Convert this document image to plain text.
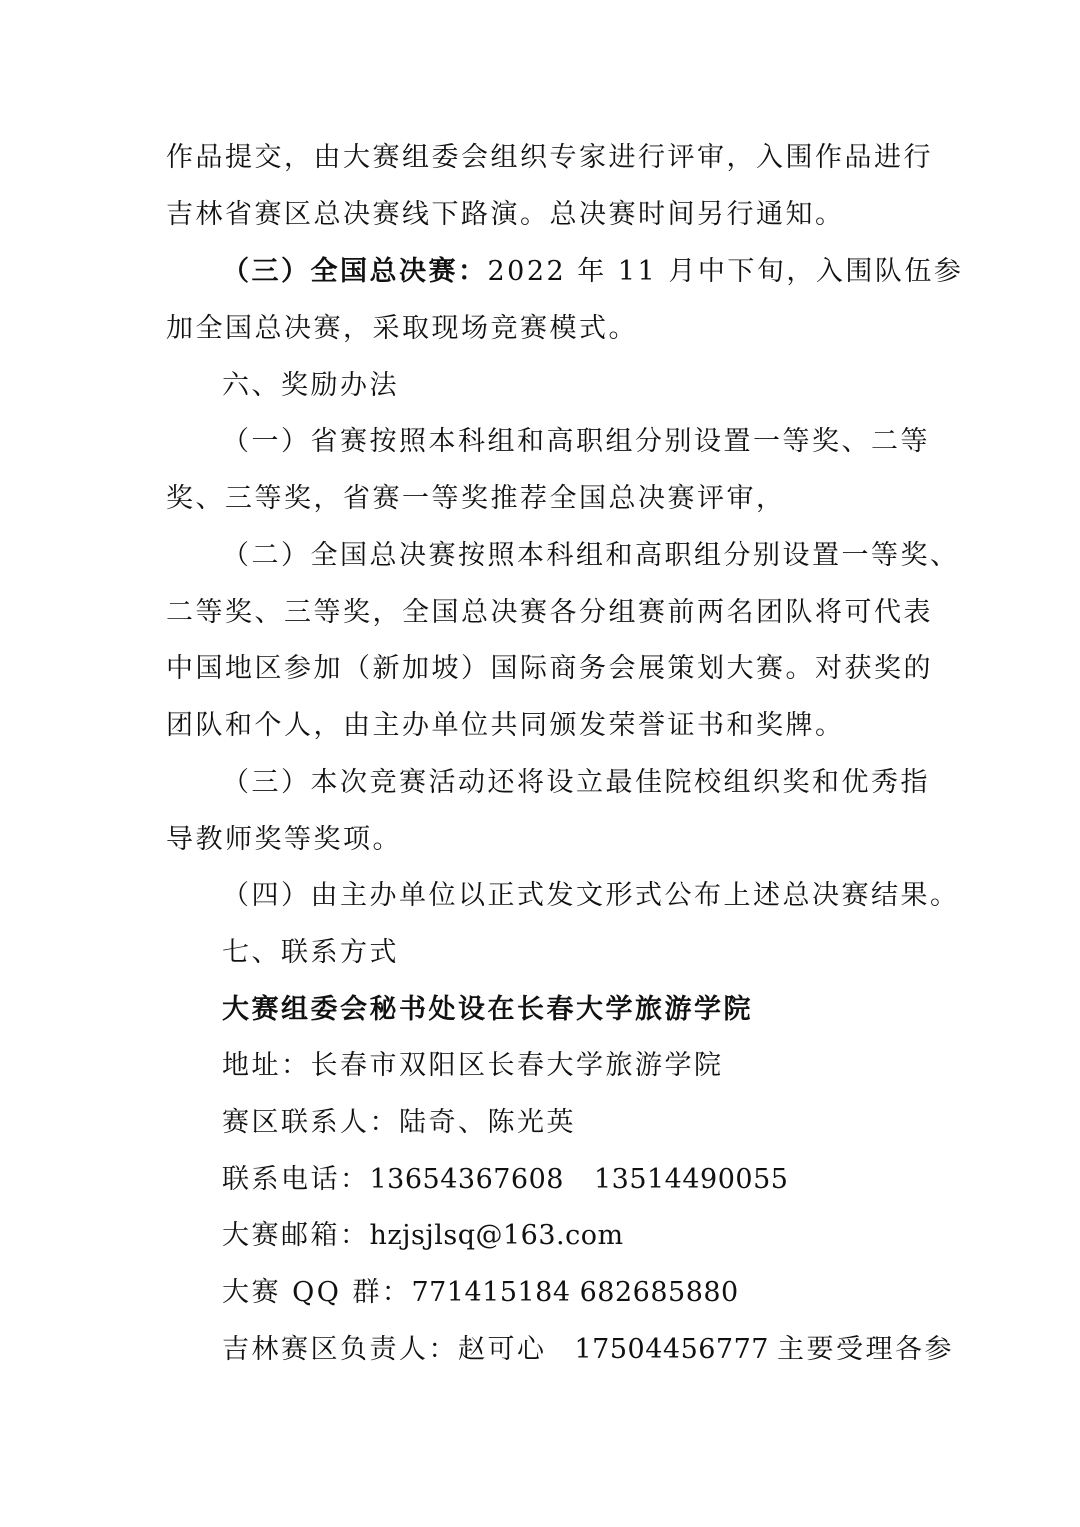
作品提交，由大赛组委会组织专家进行评审，入围作品进行
吉林省赛区总决赛线下路演。总决赛时间另行通知。
（三）全国总决赛：2022 年 11 月中下旬，入围队伍参
加全国总决赛，采取现场竞赛模式。
六、奖励办法
（一）省赛按照本科组和高职组分别设置一等奖、二等
奖、三等奖，省赛一等奖推荐全国总决赛评审，
（二）全国总决赛按照本科组和高职组分别设置一等奖、
二等奖、三等奖，全国总决赛各分组赛前两名团队将可代表
中国地区参加（新加坡）国际商务会展策划大赛。对获奖的
团队和个人，由主办单位共同颁发荣誉证书和奖牌。
（三）本次竞赛活动还将设立最佳院校组织奖和优秀指
导教师奖等奖项。
（四）由主办单位以正式发文形式公布上述总决赛结果。
七、联系方式
大赛组委会秘书处设在长春大学旅游学院
地址：长春市双阳区长春大学旅游学院
赛区联系人：陆奇、陈光英
联系电话：13654367608 13514490055
大赛邮箱：hzjsjlsq@163.com
大赛 QQ 群：771415184 682685880
吉林赛区负责人：赵可心 17504456777 主要受理各参
